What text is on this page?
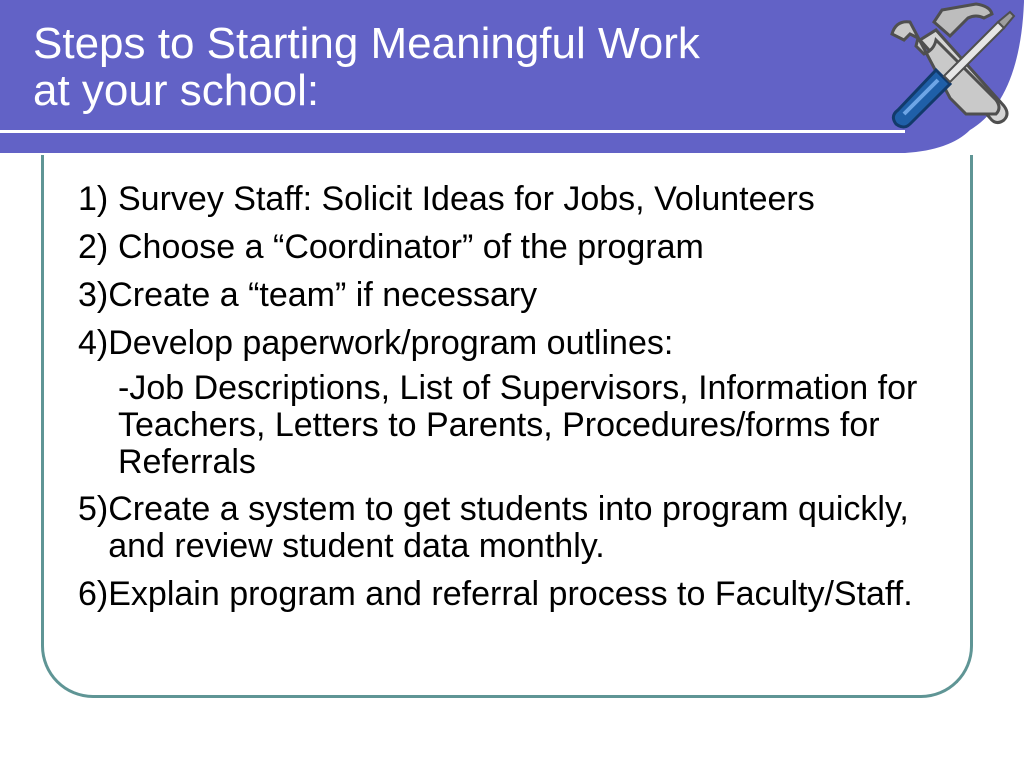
Steps to Starting Meaningful Work
at your school:
1) Survey Staff: Solicit Ideas for Jobs, Volunteers
2) Choose a “Coordinator” of the program
3) Create a “team” if necessary
4) Develop paperwork/program outlines:
-Job Descriptions, List of Supervisors, Information for Teachers, Letters to Parents, Procedures/forms for Referrals
5) Create a system to get students into program quickly, and review student data monthly.
6) Explain program and referral process to Faculty/Staff.
